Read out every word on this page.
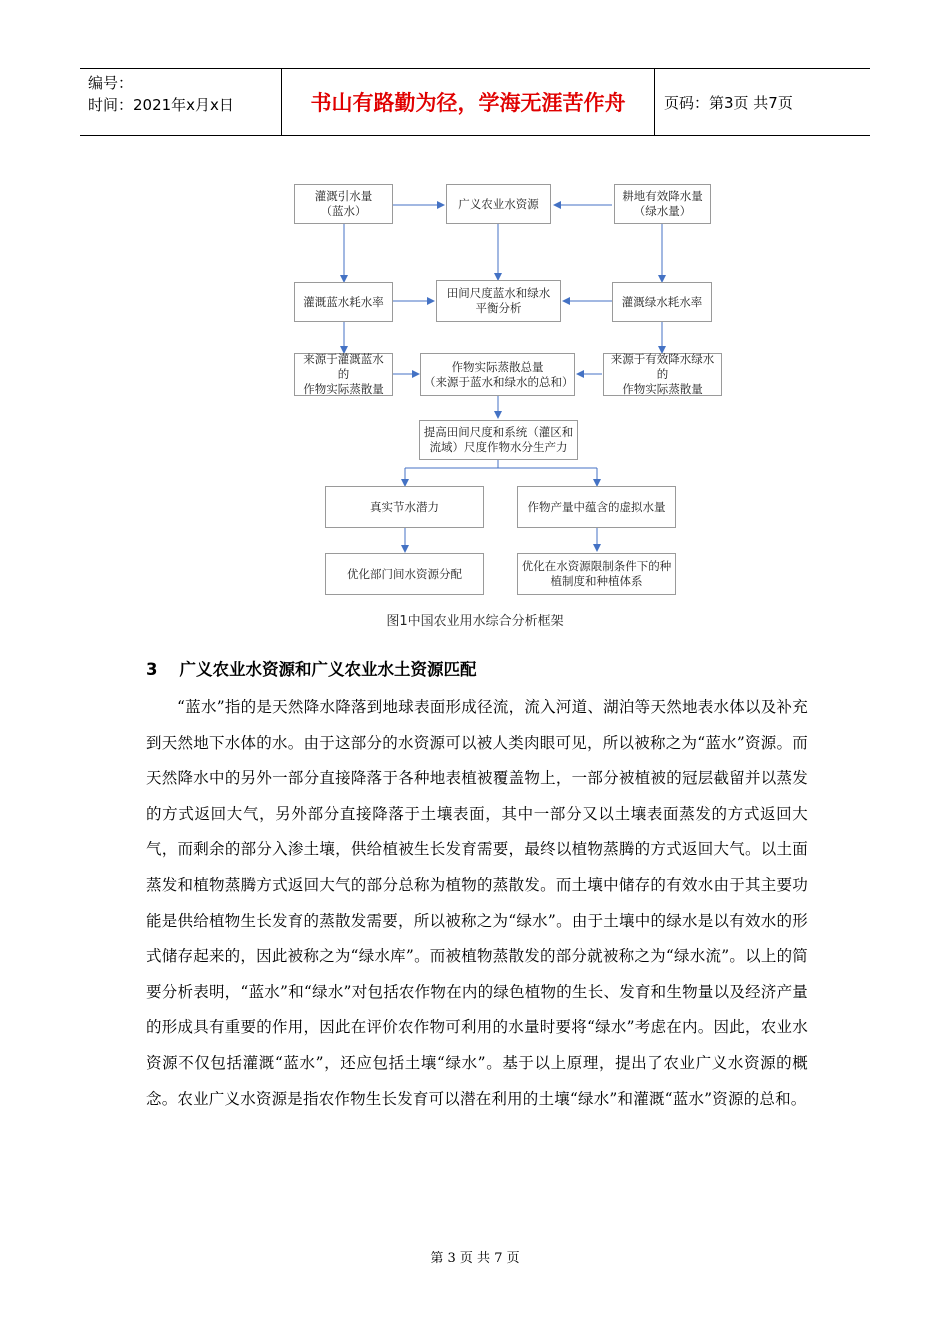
编号：
时间：2021年x月x日	书山有路勤为径，学海无涯苦作舟	页码：第3页 共7页
灌溉引水量
（蓝水）
广义农业水资源
耕地有效降水量
（绿水量）
灌溉蓝水耗水率
田间尺度蓝水和绿水
平衡分析	灌溉绿水耗水率
来源于灌溉蓝水的
作物实际蒸散量
作物实际蒸散总量
（来源于蓝水和绿水的总和）
来源于有效降水绿水的
作物实际蒸散量
提高田间尺度和系统（灌区和
流域）尺度作物水分生产力
真实节水潜力	作物产量中蕴含的虚拟水量
优化部门间水资源分配
优化在水资源限制条件下的种
植制度和种植体系
图1中国农业用水综合分析框架
3 广义农业水资源和广义农业水土资源匹配
“蓝水”指的是天然降水降落到地球表面形成径流，流入河道、湖泊等天然地表水体以及补充到天然地下水体的水。由于这部分的水资源可以被人类肉眼可见，所以被称之为“蓝水”资源。而天然降水中的另外一部分直接降落于各种地表植被覆盖物上，一部分被植被的冠层截留并以蒸发的方式返回大气，另外部分直接降落于土壤表面，其中一部分又以土壤表面蒸发的方式返回大气，而剩余的部分入渗土壤，供给植被生长发育需要，最终以植物蒸腾的方式返回大气。以土面蒸发和植物蒸腾方式返回大气的部分总称为植物的蒸散发。而土壤中储存的有效水由于其主要功能是供给植物生长发育的蒸散发需要，所以被称之为“绿水”。由于土壤中的绿水是以有效水的形式储存起来的，因此被称之为“绿水库”。而被植物蒸散发的部分就被称之为“绿水流”。以上的简要分析表明，“蓝水”和“绿水”对包括农作物在内的绿色植物的生长、发育和生物量以及经济产量的形成具有重要的作用，因此在评价农作物可利用的水量时要将“绿水”考虑在内。因此，农业水资源不仅包括灌溉“蓝水”，还应包括土壤“绿水”。基于以上原理，提出了农业广义水资源的概念。农业广义水资源是指农作物生长发育可以潜在利用的土壤“绿水”和灌溉“蓝水”资源的总和。
第 3 页 共 7 页
